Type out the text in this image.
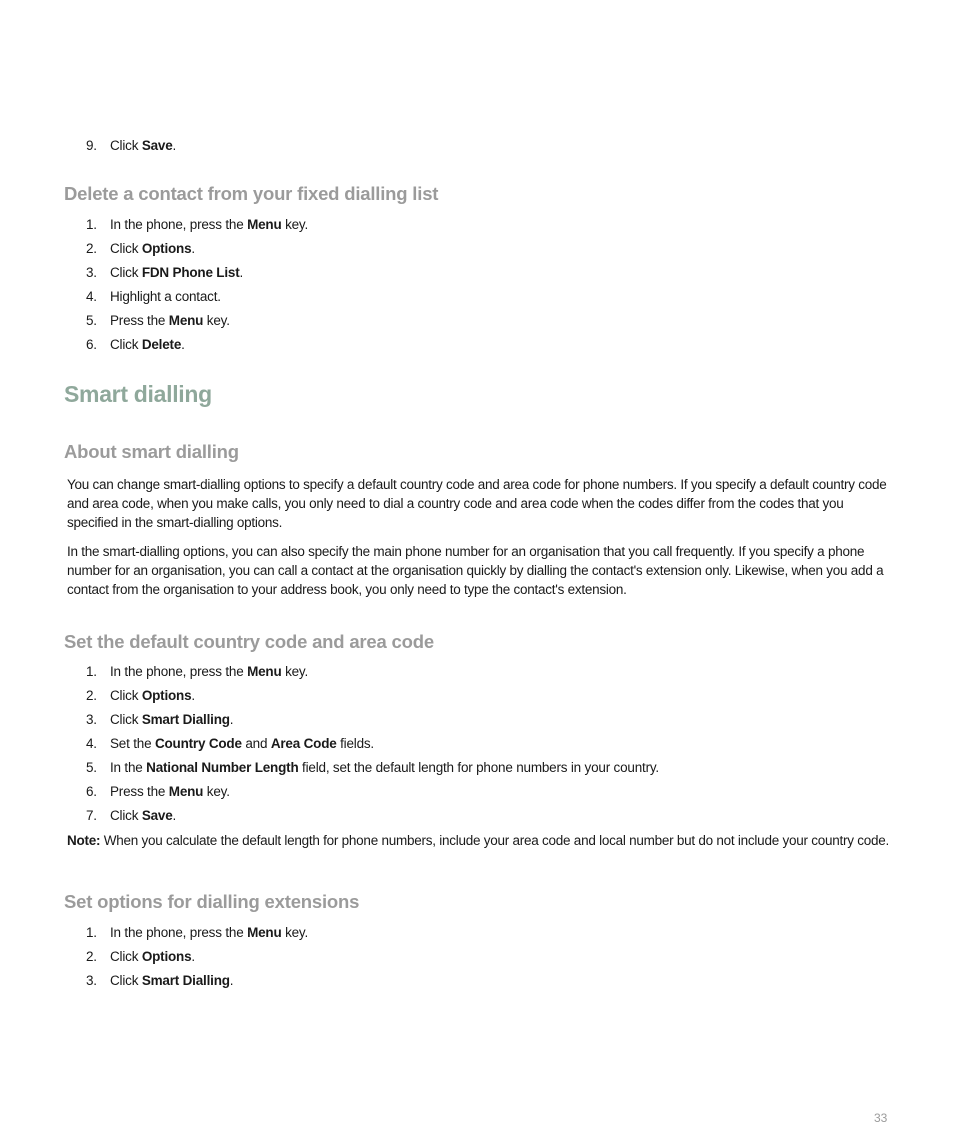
9. Click Save.
Delete a contact from your fixed dialling list
1. In the phone, press the Menu key.
2. Click Options.
3. Click FDN Phone List.
4. Highlight a contact.
5. Press the Menu key.
6. Click Delete.
Smart dialling
About smart dialling

You can change smart-dialling options to specify a default country code and area code for phone numbers. If you specify a default country code and area code, when you make calls, you only need to dial a country code and area code when the codes differ from the codes that you specified in the smart-dialling options.

In the smart-dialling options, you can also specify the main phone number for an organisation that you call frequently. If you specify a phone number for an organisation, you can call a contact at the organisation quickly by dialling the contact's extension only. Likewise, when you add a contact from the organisation to your address book, you only need to type the contact's extension.

Set the default country code and area code
1. In the phone, press the Menu key.
2. Click Options.
3. Click Smart Dialling.
4. Set the Country Code and Area Code fields.
5. In the National Number Length field, set the default length for phone numbers in your country.
6. Press the Menu key.
7. Click Save.

Note: When you calculate the default length for phone numbers, include your area code and local number but do not include your country code.

Set options for dialling extensions
1. In the phone, press the Menu key.
2. Click Options.
3. Click Smart Dialling.
33
